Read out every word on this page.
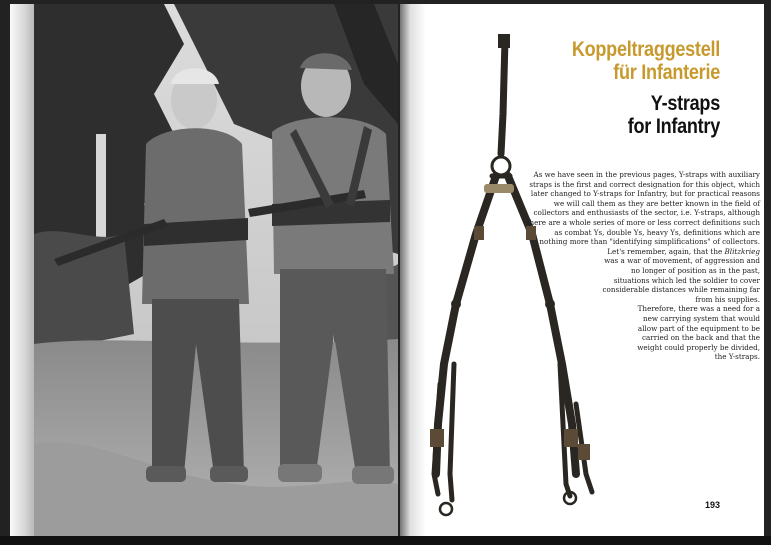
Koppeltraggestell
für Infanterie
Y-straps
for Infantry

As we have seen in the previous pages, Y-straps with auxiliary straps is the first and correct designation for this object, which later changed to Y-straps for Infantry, but for practical reasons we will call them as they are better known in the field of collectors and enthusiasts of the sector, i.e. Y-straps, although there are a whole series of more or less correct definitions such as combat Ys, double Ys, heavy Ys, definitions which are nothing more than "identifying simplifications" of collectors.

Let's remember, again, that the Blitzkrieg was a war of movement, of aggression and no longer of position as in the past, situations which led the soldier to cover considerable distances while remaining far from his supplies.

Therefore, there was a need for a new carrying system that would allow part of the equipment to be carried on the back and that the weight could properly be divided, the Y-straps.

193
